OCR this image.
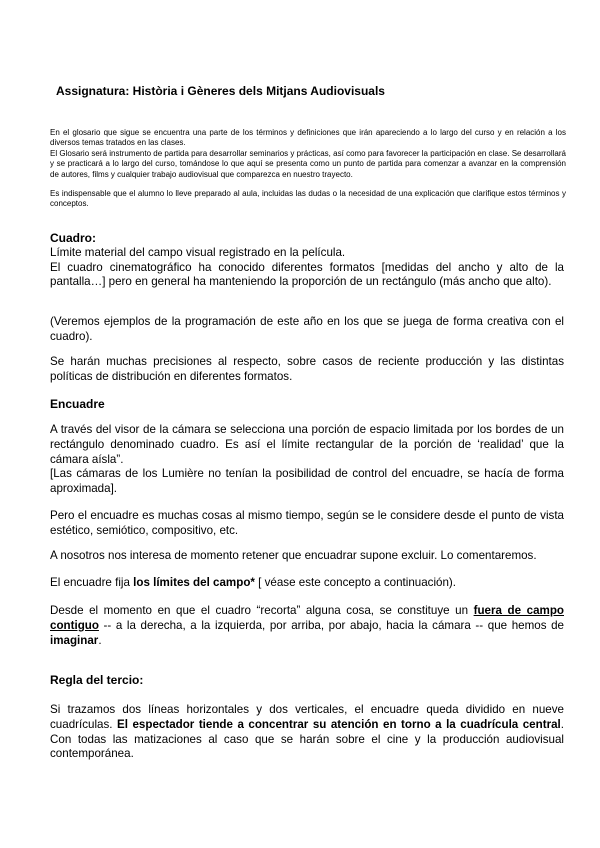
Assignatura: Història i Gèneres dels Mitjans Audiovisuals

En el glosario que sigue se encuentra una parte de los términos y definiciones que irán apareciendo a lo largo del curso y en relación a los diversos temas tratados en las clases.

El Glosario será instrumento de partida para desarrollar seminarios y prácticas, así como para favorecer la participación en clase. Se desarrollará y se practicará a lo largo del curso, tomándose lo que aquí se presenta como un punto de partida para comenzar a avanzar en la comprensión de autores, films y cualquier trabajo audiovisual que comparezca en nuestro trayecto.

Es indispensable que el alumno lo lleve preparado al aula, incluidas las dudas o la necesidad de una explicación que clarifique estos términos y conceptos.

Cuadro:

Límite material del campo visual registrado en la película.

El cuadro cinematográfico ha conocido diferentes formatos [medidas del ancho y alto de la pantalla…] pero en general ha manteniendo la proporción de un rectángulo (más ancho que alto).

(Veremos ejemplos de la programación de este año en los que se juega de forma creativa con el cuadro).

Se harán muchas precisiones al respecto, sobre casos de reciente producción y las distintas políticas de distribución en diferentes formatos.

Encuadre

A través del visor de la cámara se selecciona una porción de espacio limitada por los bordes de un rectángulo denominado cuadro. Es así el límite rectangular de la porción de ‘realidad’ que la cámara aísla”.

[Las cámaras de los Lumière no tenían la posibilidad de control del encuadre, se hacía de forma aproximada].

Pero el encuadre es muchas cosas al mismo tiempo, según se le considere desde el punto de vista estético, semiótico, compositivo, etc.

A nosotros nos interesa de momento retener que encuadrar supone excluir. Lo comentaremos.

El encuadre fija los límites del campo* [ véase este concepto a continuación).

Desde el momento en que el cuadro “recorta” alguna cosa, se constituye un fuera de campo contiguo -- a la derecha, a la izquierda, por arriba, por abajo, hacia la cámara -- que hemos de imaginar.

Regla del tercio:

Si trazamos dos líneas horizontales y dos verticales, el encuadre queda dividido en nueve cuadrículas. El espectador tiende a concentrar su atención en torno a la cuadrícula central. Con todas las matizaciones al caso que se harán sobre el cine y la producción audiovisual contemporánea.
